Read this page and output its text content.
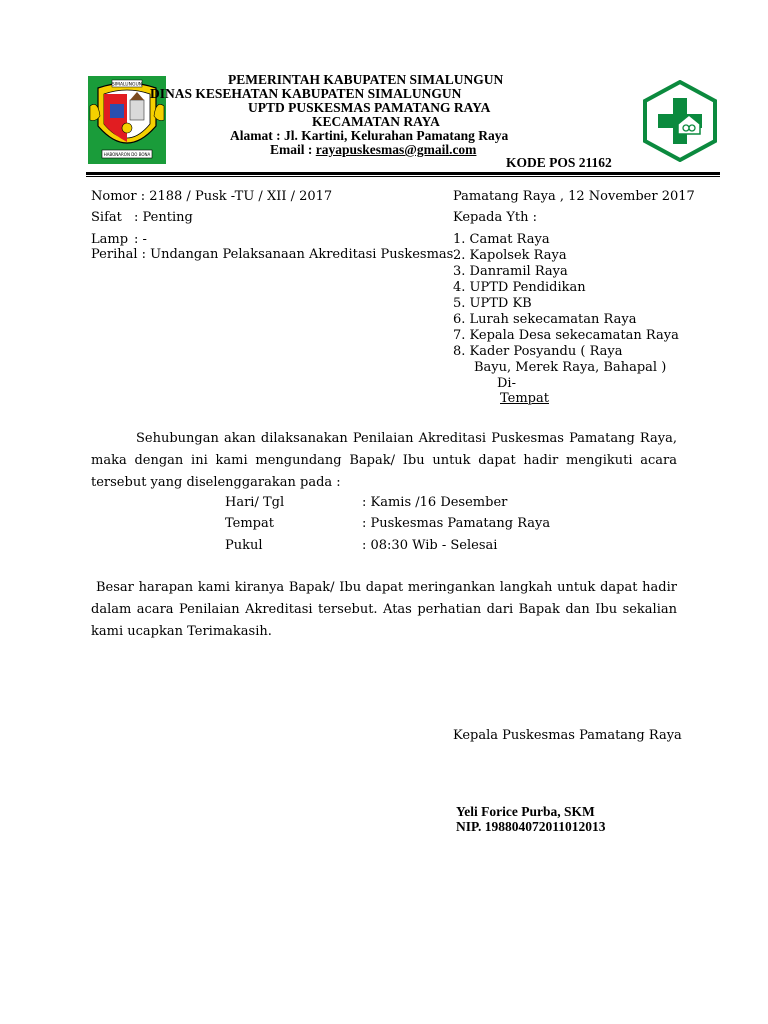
HABONARON DO BONA
SIMALUNGUN	PEMERINTAH KABUPATEN SIMALUNGUN
DINAS KESEHATAN KABUPATEN SIMALUNGUN
UPTD PUSKESMAS PAMATANG RAYA
KECAMATAN RAYA
Alamat : Jl. Kartini, Kelurahan Pamatang Raya
Email : rayapuskesmas@gmail.com
KODE POS 21162
Nomor : 2188 / Pusk -TU / XII / 2017
Sifat : Penting
Lamp : -
Perihal : Undangan Pelaksanaan Akreditasi Puskesmas
Pamatang Raya , 12 November 2017
Kepada Yth :
1. Camat Raya
2. Kapolsek Raya
3. Danramil Raya
4. UPTD Pendidikan
5. UPTD KB
6. Lurah sekecamatan Raya
7. Kepala Desa sekecamatan Raya
8. Kader Posyandu ( Raya
Bayu, Merek Raya, Bahapal )
Di-
Tempat
Sehubungan akan dilaksanakan Penilaian Akreditasi Puskesmas Pamatang Raya, maka dengan ini kami mengundang Bapak/ Ibu untuk dapat hadir mengikuti acara tersebut yang diselenggarakan pada :
Hari/ Tgl	: Kamis /16 Desember
Tempat	: Puskesmas Pamatang Raya
Pukul	: 08:30 Wib - Selesai
Besar harapan kami kiranya Bapak/ Ibu dapat meringankan langkah untuk dapat hadir dalam acara Penilaian Akreditasi tersebut. Atas perhatian dari Bapak dan Ibu sekalian kami ucapkan Terimakasih.
Kepala Puskesmas Pamatang Raya
Yeli Forice Purba, SKM
NIP. 198804072011012013
